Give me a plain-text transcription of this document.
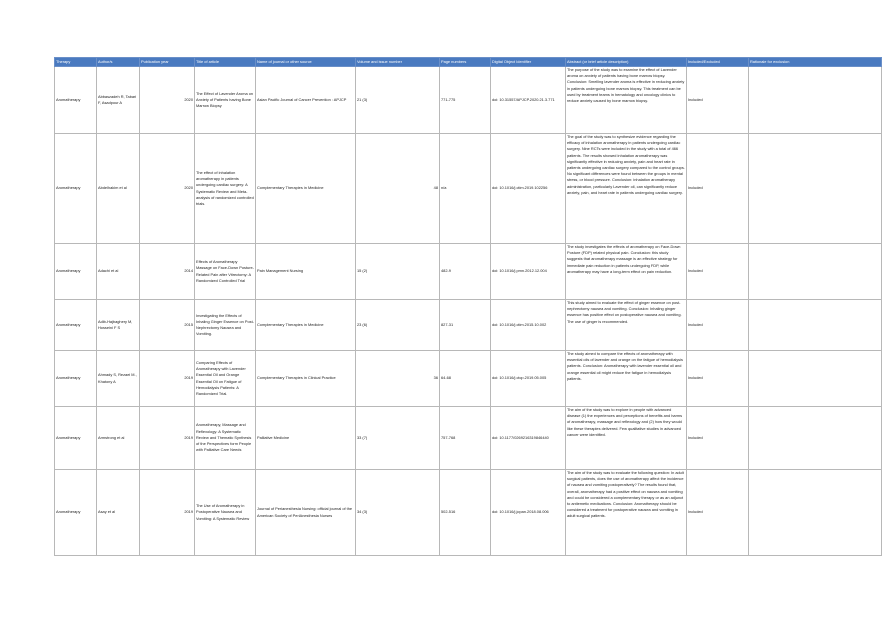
Therapy	Author/s	Publication year	Title of article	Name of journal or other source	Volume and issue number	Page numbers	Digital Object Identifier	Abstract (or brief article description)	Included/Excluded	Rationale for exclusion
Aromatherapy	Abbaszadeh R, Tabari F, Asadpour A	2020	The Effect of Lavender Aroma on Anxiety of Patients having Bone Marrow Biopsy	Asian Pacific Journal of Cancer Prevention : APJCP	21 (3)	771-775	doi: 10.31557/APJCP.2020.21.3.771	The purpose of the study was to examine the effect of Lavender aroma on anxiety of patients having bone marrow biopsy. Conclusion: Smelling lavender aroma is effective in reducing anxiety in patients undergoing bone marrow biopsy. This treatment can be used by treatment teams in hematology and oncology clinics to reduce anxiety caused by bone marrow biopsy.	Included	
Aromatherapy	Abdelhakim et al	2020	The effect of inhalation aromatherapy in patients undergoing cardiac surgery: A Systematic Review and Meta-analysis of randomized controlled trials.	Complementary Therapies in Medicine	48	n/a	doi: 10.1016/j.ctim.2019.102256	The goal of the study was to synthesize evidence regarding the efficacy of inhalation aromatherapy in patients undergoing cardiac surgery. Nine RCTs were included in the study with a total of 466 patients. The results showed inhalation aromatherapy was significantly effective in reducing anxiety, pain and heart rate in patients undergoing cardiac surgery compared to the control groups. No significant differences were found between the groups in mental stress, or blood pressure. Conclusion: inhalation aromatherapy administration, particularly Lavender oil, can significantly reduce anxiety, pain, and heart rate in patients undergoing cardiac surgery.	Included	
Aromatherapy	Adachi et al	2014	Effects of Aromatherapy Massage on Face-Down Posture-Related Pain after Vitrectomy: A Randomized Controlled Trial	Pain Management Nursing	15 (2)	482-9	doi: 10.1016/j.pmn.2012.12.004	The study investigates the effects of aromatherapy on Face-Down Posture (FDP) related physical pain. Conclusion: this study suggests that aromatherapy massage is an effective strategy for immediate pain reduction in patients undergoing FDP, while aromatherapy may have a long-term effect on pain reduction.	Included	
Aromatherapy	Adib-Hajbaghery M, Hosseini F S	2015	Investigating the Effects of Inhaling Ginger Essence on Post-Nephrectomy Nausea and Vomiting.	Complementary Therapies in Medicine	23 (6)	827-31	doi: 10.1016/j.ctim.2015.10.002	This study aimed to evaluate the effect of ginger essence on post-nephrectomy nausea and vomiting. Conclusion: Inhaling ginger essence has positive effect on postoperative nausea and vomiting. The use of ginger is recommended.	Included	
Aromatherapy	Ahmady S, Rezaei M., Khatony A	2019	Comparing Effects of Aromatherapy with Lavender Essential Oil and Orange Essential Oil on Fatigue of Hemodialysis Patients: A Randomized Trial.	Complementary Therapies in Clinical Practice	36	64-68	doi: 10.1016/j.ctcp.2019.05.005	The study aimed to compare the effects of aromatherapy with essential oils of lavender and orange on the fatigue of hemodialysis patients. Conclusion: Aromatherapy with lavender essential oil and orange essential oil might reduce the fatigue in hemodialysis patients.	Included	
Aromatherapy	Armstrong et al	2019	Aromatherapy, Massage and Reflexology: A Systematic Review and Thematic Synthesis of the Perspectives form People with Palliative Care Needs	Palliative Medicine	33 (7)	757-768	doi: 10.1177/0269216319846440	The aim of the study was to explore in people with advanced disease (1) the experiences and perceptions of benefits and harms of aromatherapy, massage and reflexology and (2) how they would like these therapies delivered. Few qualitative studies in advanced cancer were identified.	Included	
Aromatherapy	Asay et al	2019	The Use of Aromatherapy in Postoperative Nausea and Vomiting: A Systematic Review	Journal of Perianesthesia Nursing: official journal of the American Society of PeriAnesthesia Nurses	34 (3)	502-516	doi: 10.1016/j.jopan.2018.08.006	The aim of the study was to evaluate the following question: In adult surgical patients, does the use of aromatherapy affect the incidence of nausea and vomiting postoperatively? The results found that, overall, aromatherapy had a positive effect on nausea and vomiting and could be considered a complementary therapy or as an adjunct to antiemetic medications. Conclusion: Aromatherapy should be considered a treatment for postoperative nausea and vomiting in adult surgical patients.	Included	
